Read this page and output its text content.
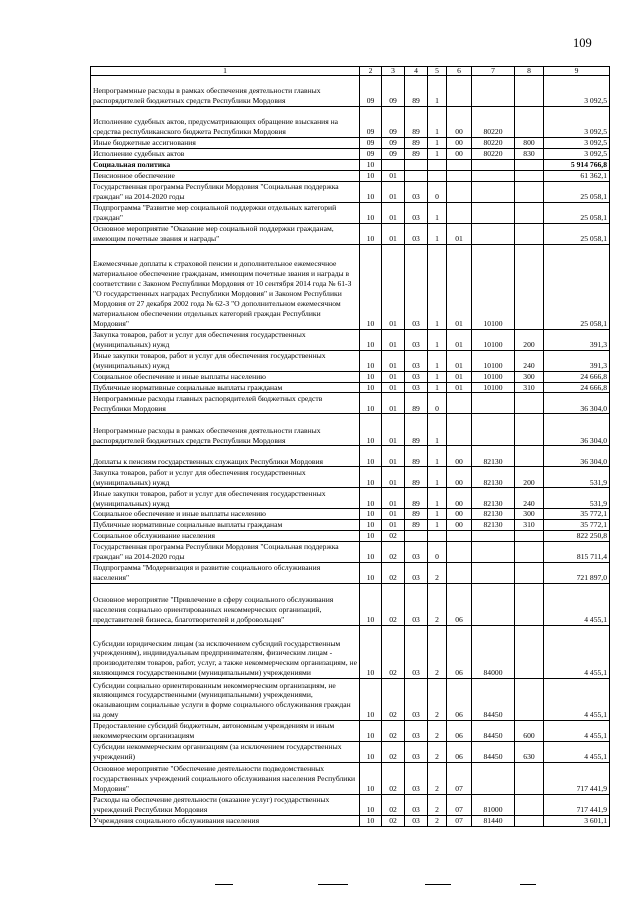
109
1	2	3	4	5	6	7	8	9
Непрограммные расходы в рамках обеспечения деятельности главных распорядителей бюджетных средств Республики Мордовия	09	09	89	1				3 092,5
Исполнение судебных актов, предусматривающих обращение взыскания на средства республиканского бюджета Республики Мордовия	09	09	89	1	00	80220		3 092,5
Иные бюджетные ассигнования	09	09	89	1	00	80220	800	3 092,5
Исполнение судебных актов	09	09	89	1	00	80220	830	3 092,5
Социальная политика	10							5 914 766,8
Пенсионное обеспечение	10	01						61 362,1
Государственная программа Республики Мордовия "Социальная поддержка граждан" на 2014-2020 годы	10	01	03	0				25 058,1
Подпрограмма "Развитие мер социальной поддержки отдельных категорий граждан"	10	01	03	1				25 058,1
Основное мероприятие "Оказание мер социальной поддержки гражданам, имеющим почетные звания и награды"	10	01	03	1	01			25 058,1
Ежемесячные доплаты к страховой пенсии и дополнительное ежемесячное материальное обеспечение гражданам, имеющим почетные звания и награды в соответствии с Законом Республики Мордовия от 10 сентября 2014 года № 61-З "О государственных наградах Республики Мордовия" и Законом Республики Мордовия от 27 декабря 2002 года № 62-З "О дополнительном ежемесячном материальном обеспечении отдельных категорий граждан Республики Мордовия"	10	01	03	1	01	10100		25 058,1
Закупка товаров, работ и услуг для обеспечения государственных (муниципальных) нужд	10	01	03	1	01	10100	200	391,3
Иные закупки товаров, работ и услуг для обеспечения государственных (муниципальных) нужд	10	01	03	1	01	10100	240	391,3
Социальное обеспечение и иные выплаты населению	10	01	03	1	01	10100	300	24 666,8
Публичные нормативные социальные выплаты гражданам	10	01	03	1	01	10100	310	24 666,8
Непрограммные расходы главных распорядителей бюджетных средств Республики Мордовия	10	01	89	0				36 304,0
Непрограммные расходы в рамках обеспечения деятельности главных распорядителей бюджетных средств Республики Мордовия	10	01	89	1				36 304,0
Доплаты к пенсиям государственных служащих Республики Мордовия	10	01	89	1	00	82130		36 304,0
Закупка товаров, работ и услуг для обеспечения государственных (муниципальных) нужд	10	01	89	1	00	82130	200	531,9
Иные закупки товаров, работ и услуг для обеспечения государственных (муниципальных) нужд	10	01	89	1	00	82130	240	531,9
Социальное обеспечение и иные выплаты населению	10	01	89	1	00	82130	300	35 772,1
Публичные нормативные социальные выплаты гражданам	10	01	89	1	00	82130	310	35 772,1
Социальное обслуживание населения	10	02						822 250,8
Государственная программа Республики Мордовия "Социальная поддержка граждан" на 2014-2020 годы	10	02	03	0				815 711,4
Подпрограмма "Модернизация и развитие социального обслуживания населения"	10	02	03	2				721 897,0
Основное мероприятие "Привлечение в сферу социального обслуживания населения социально ориентированных некоммерческих организаций, представителей бизнеса, благотворителей и добровольцев"	10	02	03	2	06			4 455,1
Субсидии юридическим лицам (за исключением субсидий государственным учреждениям), индивидуальным предпринимателям, физическим лицам - производителям товаров, работ, услуг, а также некоммерческим организациям, не являющимся государственными (муниципальными) учреждениями	10	02	03	2	06	84000		4 455,1
Субсидии социально ориентированным некоммерческим организациям, не являющимся государственными (муниципальными) учреждениями, оказывающим социальные услуги в форме социального обслуживания граждан на дому	10	02	03	2	06	84450		4 455,1
Предоставление субсидий бюджетным, автономным учреждениям и иным некоммерческим организациям	10	02	03	2	06	84450	600	4 455,1
Субсидии некоммерческим организациям (за исключением государственных учреждений)	10	02	03	2	06	84450	630	4 455,1
Основное мероприятие "Обеспечение деятельности подведомственных государственных учреждений социального обслуживания населения Республики Мордовия"	10	02	03	2	07			717 441,9
Расходы на обеспечение деятельности (оказание услуг) государственных учреждений Республики Мордовия	10	02	03	2	07	81000		717 441,9
Учреждения социального обслуживания населения	10	02	03	2	07	81440		3 601,1
